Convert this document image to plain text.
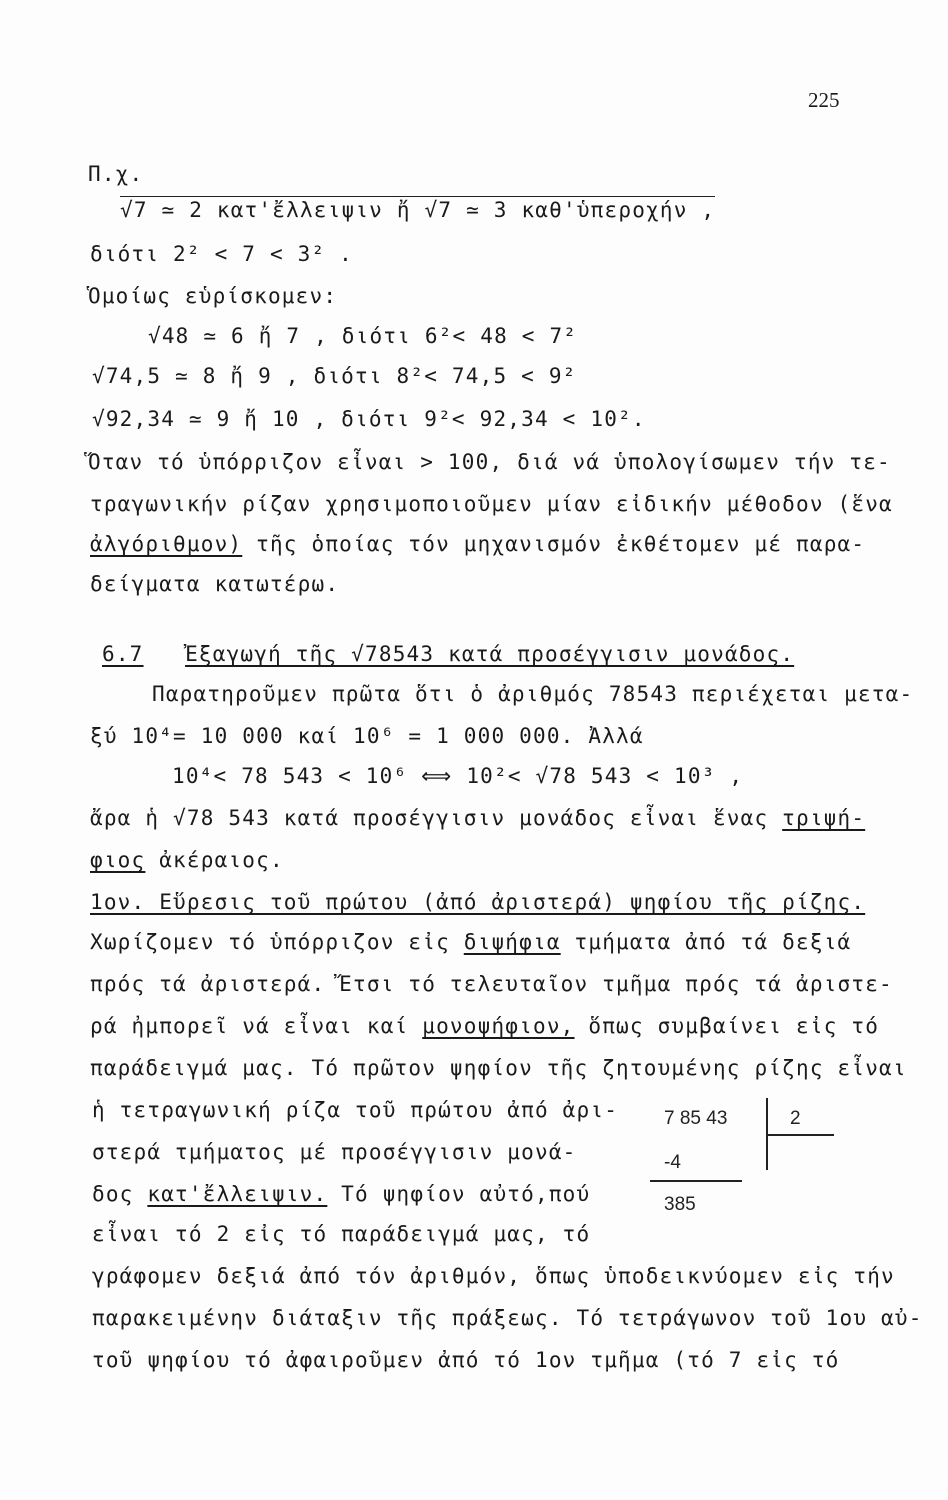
225
Π.χ.
√7 ≃ 2 κατ'ἔλλειψιν ἤ √7 ≃ 3 καθ'ὑπεροχήν ,
διότι 2² < 7 < 3² .
Ὁμοίως εὑρίσκομεν:
√48 ≃ 6 ἤ 7 , διότι 6²< 48 < 7²
√74,5 ≃ 8 ἤ 9 , διότι 8²< 74,5 < 9²
√92,34 ≃ 9 ἤ 10 , διότι 9²< 92,34 < 10².
Ὅταν τό ὑπόρριζον εἶναι > 100, διά νά ὑπολογίσωμεν τήν τε-
τραγωνικήν ρίζαν χρησιμοποιοῦμεν μίαν εἰδικήν μέθοδον (ἕνα
ἀλγόριθμον) τῆς ὁποίας τόν μηχανισμόν ἐκθέτομεν μέ παρα-
δείγματα κατωτέρω.
6.7 Ἐξαγωγή τῆς √78543 κατά προσέγγισιν μονάδος.
Παρατηροῦμεν πρῶτα ὅτι ὁ ἀριθμός 78543 περιέχεται μετα-
ξύ 10⁴= 10 000 καί 10⁶ = 1 000 000. Ἀλλά
10⁴< 78 543 < 10⁶ ⟺ 10²< √78 543 < 10³ ,
ἄρα ἡ √78 543 κατά προσέγγισιν μονάδος εἶναι ἕνας τριψή-
φιος ἀκέραιος.
1ον. Εὕρεσις τοῦ πρώτου (ἀπό ἀριστερά) ψηφίου τῆς ρίζης.
Χωρίζομεν τό ὑπόρριζον εἰς διψήφια τμήματα ἀπό τά δεξιά
πρός τά ἀριστερά. Ἔτσι τό τελευταῖον τμῆμα πρός τά ἀριστε-
ρά ἠμπορεῖ νά εἶναι καί μονοψήφιον, ὅπως συμβαίνει εἰς τό
παράδειγμά μας. Τό πρῶτον ψηφίον τῆς ζητουμένης ρίζης εἶναι
ἡ τετραγωνική ρίζα τοῦ πρώτου ἀπό ἀρι-
στερά τμήματος μέ προσέγγισιν μονά-
δος κατ'ἔλλειψιν. Τό ψηφίον αὐτό,πού
εἶναι τό 2 εἰς τό παράδειγμά μας, τό
γράφομεν δεξιά ἀπό τόν ἀριθμόν, ὅπως ὑποδεικνύομεν εἰς τήν
παρακειμένην διάταξιν τῆς πράξεως. Τό τετράγωνον τοῦ 1ου αὐ-
τοῦ ψηφίου τό ἀφαιροῦμεν ἀπό τό 1ον τμῆμα (τό 7 εἰς τό
7 85 43	2
-4
385
